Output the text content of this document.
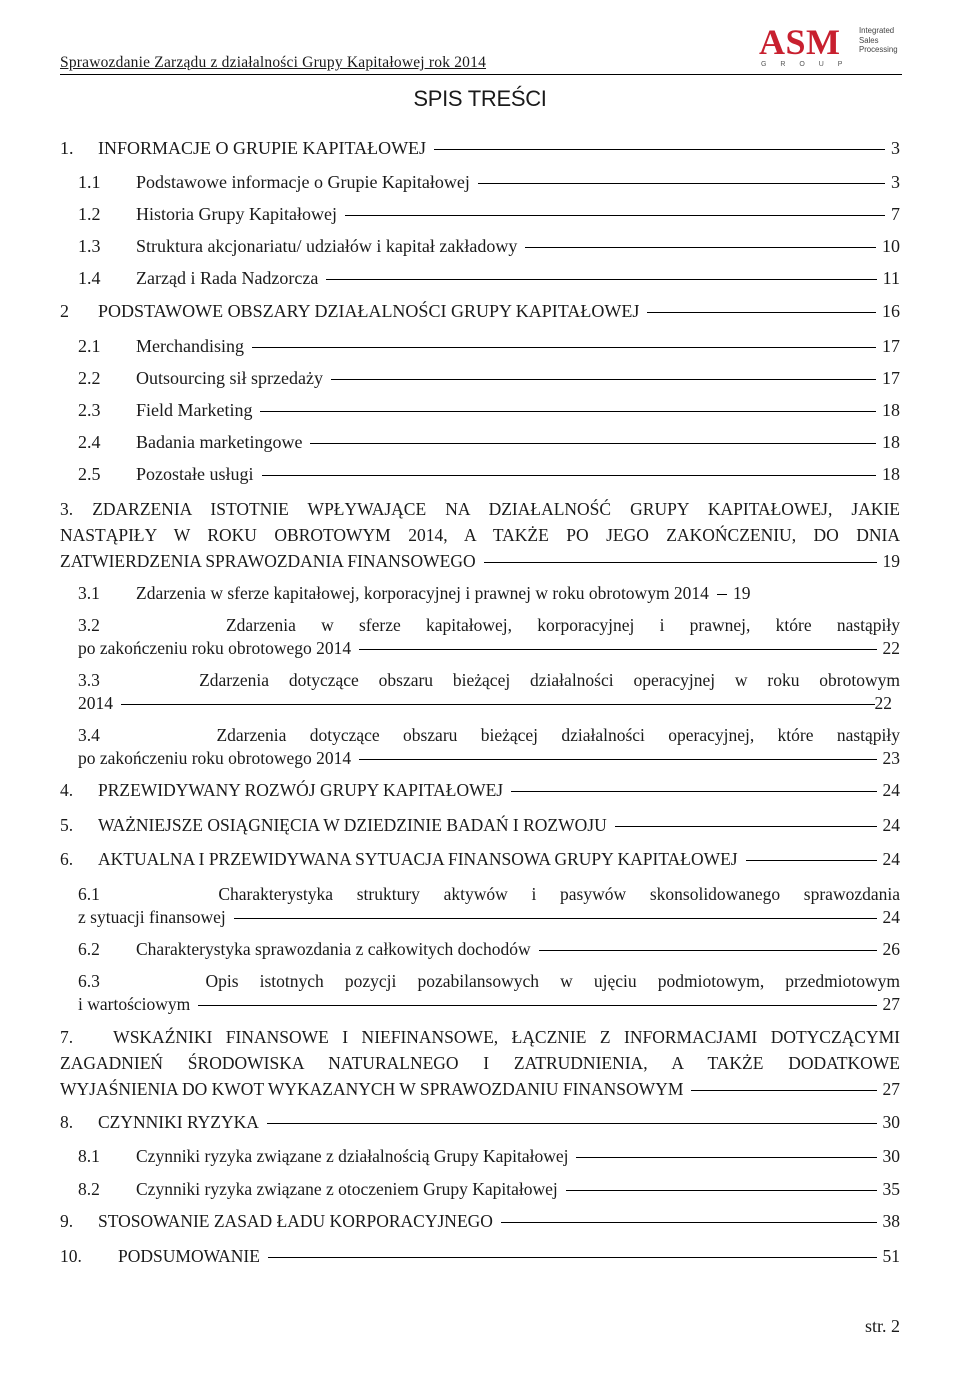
Sprawozdanie Zarządu z działalności Grupy Kapitałowej rok 2014
ASM
G R O U P
Integrated
Sales
Processing
SPIS TREŚCI
1.	INFORMACJE O GRUPIE KAPITAŁOWEJ	3
1.1	Podstawowe informacje o Grupie Kapitałowej	3
1.2	Historia Grupy Kapitałowej	7
1.3	Struktura akcjonariatu/ udziałów i kapitał zakładowy	10
1.4	Zarząd i Rada Nadzorcza	11
2	PODSTAWOWE OBSZARY DZIAŁALNOŚCI GRUPY KAPITAŁOWEJ	16
2.1	Merchandising	17
2.2	Outsourcing sił sprzedaży	17
2.3	Field Marketing	18
2.4	Badania marketingowe	18
2.5	Pozostałe usługi	18
3. ZDARZENIA ISTOTNIE WPŁYWAJĄCE NA DZIAŁALNOŚĆ GRUPY KAPITAŁOWEJ, JAKIE
NASTĄPIŁY W ROKU OBROTOWYM 2014, A TAKŻE PO JEGO ZAKOŃCZENIU, DO DNIA
ZATWIERDZENIA SPRAWOZDANIA FINANSOWEGO	19
3.1	Zdarzenia w sferze kapitałowej, korporacyjnej i prawnej w roku obrotowym 2014 19
3.2	Zdarzenia w sferze kapitałowej, korporacyjnej i prawnej, które nastąpiły
po zakończeniu roku obrotowego 2014	22
3.3	Zdarzenia dotyczące obszaru bieżącej działalności operacyjnej w roku obrotowym
2014	22
3.4	Zdarzenia dotyczące obszaru bieżącej działalności operacyjnej, które nastąpiły
po zakończeniu roku obrotowego 2014	23
4.	PRZEWIDYWANY ROZWÓJ GRUPY KAPITAŁOWEJ	24
5.	WAŻNIEJSZE OSIĄGNIĘCIA W DZIEDZINIE BADAŃ I ROZWOJU	24
6.	AKTUALNA I PRZEWIDYWANA SYTUACJA FINANSOWA GRUPY KAPITAŁOWEJ	24
6.1	Charakterystyka struktury aktywów i pasywów skonsolidowanego sprawozdania
z sytuacji finansowej	24
6.2	Charakterystyka sprawozdania z całkowitych dochodów	26
6.3	Opis istotnych pozycji pozabilansowych w ujęciu podmiotowym, przedmiotowym
i wartościowym	27
7. WSKAŹNIKI FINANSOWE I NIEFINANSOWE, ŁĄCZNIE Z INFORMACJAMI DOTYCZĄCYMI
ZAGADNIEŃ ŚRODOWISKA NATURALNEGO I ZATRUDNIENIA, A TAKŻE DODATKOWE
WYJAŚNIENIA DO KWOT WYKAZANYCH W SPRAWOZDANIU FINANSOWYM	27
8.	CZYNNIKI RYZYKA	30
8.1	Czynniki ryzyka związane z działalnością Grupy Kapitałowej	30
8.2	Czynniki ryzyka związane z otoczeniem Grupy Kapitałowej	35
9.	STOSOWANIE ZASAD ŁADU KORPORACYJNEGO	38
10.	PODSUMOWANIE	51
str. 2
